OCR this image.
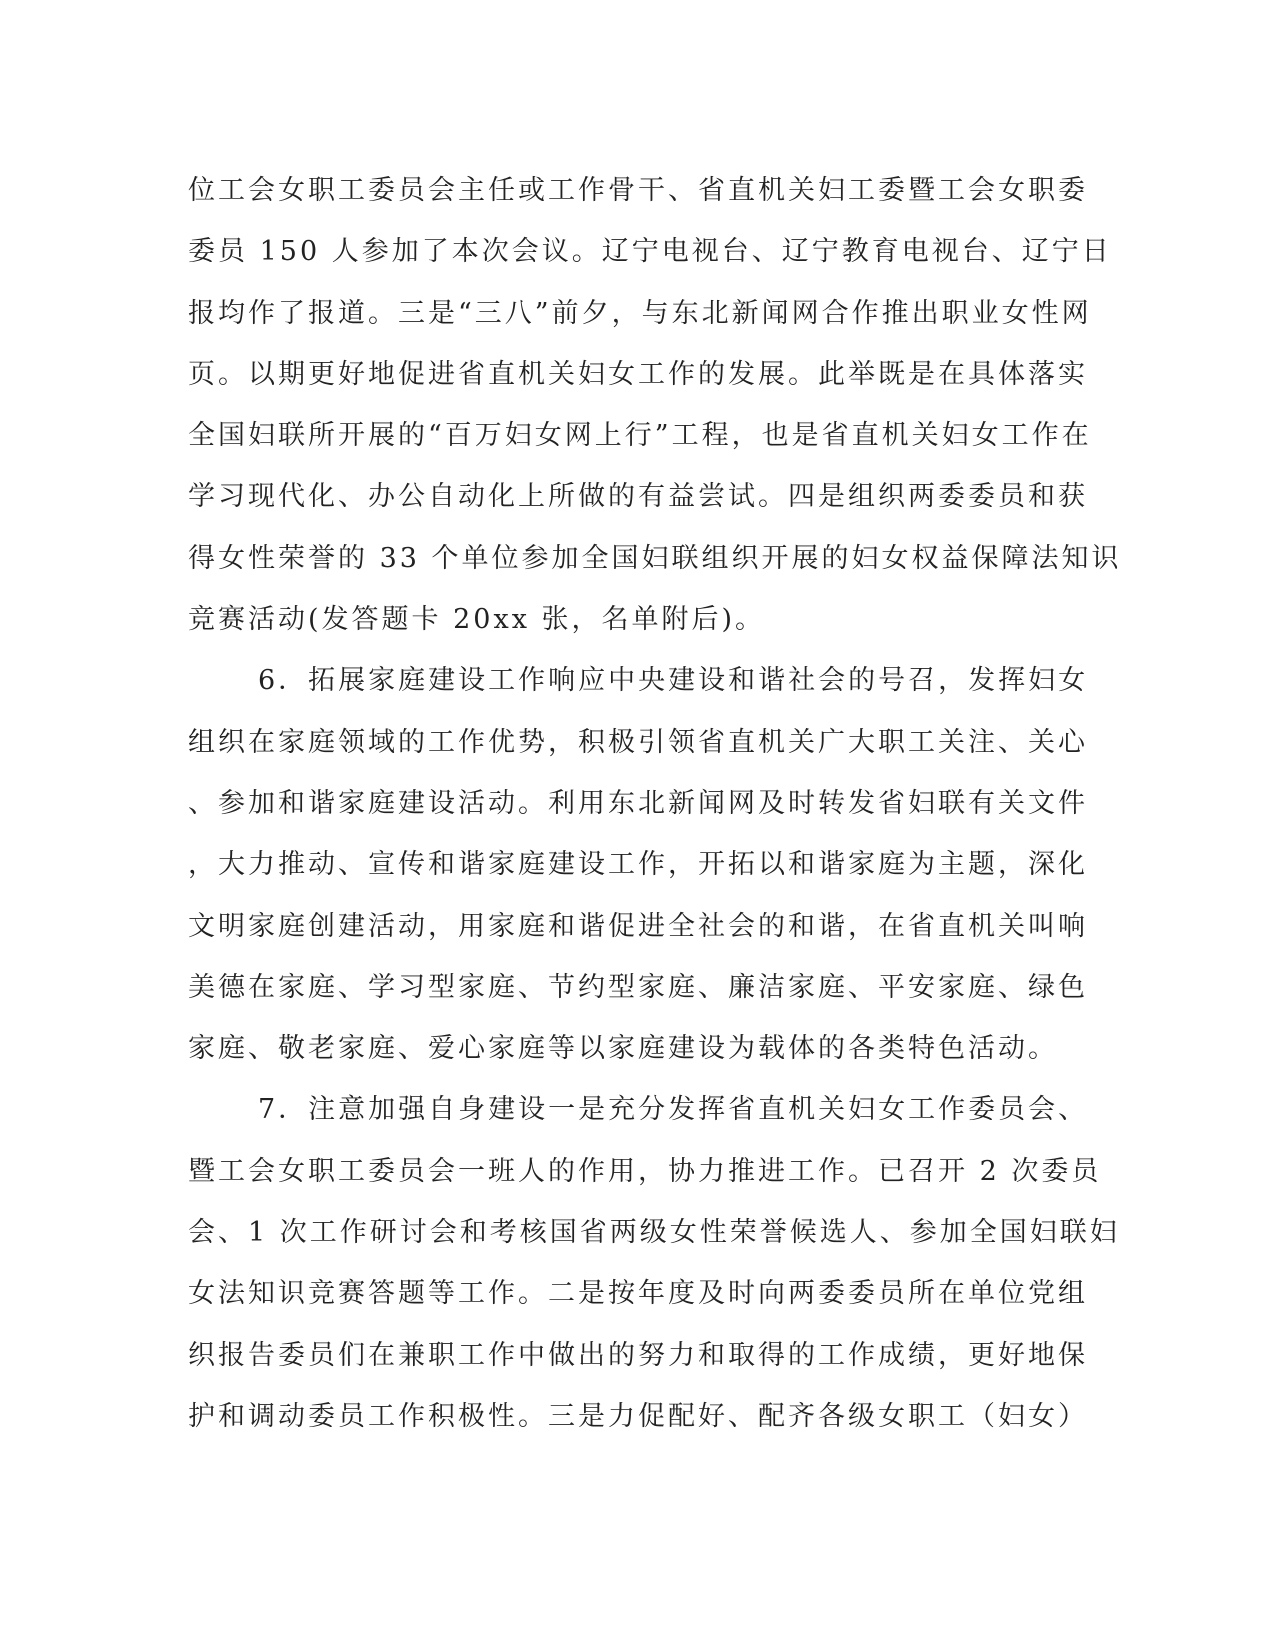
位工会女职工委员会主任或工作骨干、省直机关妇工委暨工会女职委
委员 150 人参加了本次会议。辽宁电视台、辽宁教育电视台、辽宁日
报均作了报道。三是“三八”前夕，与东北新闻网合作推出职业女性网
页。以期更好地促进省直机关妇女工作的发展。此举既是在具体落实
全国妇联所开展的“百万妇女网上行”工程，也是省直机关妇女工作在
学习现代化、办公自动化上所做的有益尝试。四是组织两委委员和获
得女性荣誉的 33 个单位参加全国妇联组织开展的妇女权益保障法知识
竞赛活动(发答题卡 20xx 张，名单附后)。
6．拓展家庭建设工作响应中央建设和谐社会的号召，发挥妇女
组织在家庭领域的工作优势，积极引领省直机关广大职工关注、关心
、参加和谐家庭建设活动。利用东北新闻网及时转发省妇联有关文件
，大力推动、宣传和谐家庭建设工作，开拓以和谐家庭为主题，深化
文明家庭创建活动，用家庭和谐促进全社会的和谐，在省直机关叫响
美德在家庭、学习型家庭、节约型家庭、廉洁家庭、平安家庭、绿色
家庭、敬老家庭、爱心家庭等以家庭建设为载体的各类特色活动。
7．注意加强自身建设一是充分发挥省直机关妇女工作委员会、
暨工会女职工委员会一班人的作用，协力推进工作。已召开 2 次委员
会、1 次工作研讨会和考核国省两级女性荣誉候选人、参加全国妇联妇
女法知识竞赛答题等工作。二是按年度及时向两委委员所在单位党组
织报告委员们在兼职工作中做出的努力和取得的工作成绩，更好地保
护和调动委员工作积极性。三是力促配好、配齐各级女职工（妇女）
